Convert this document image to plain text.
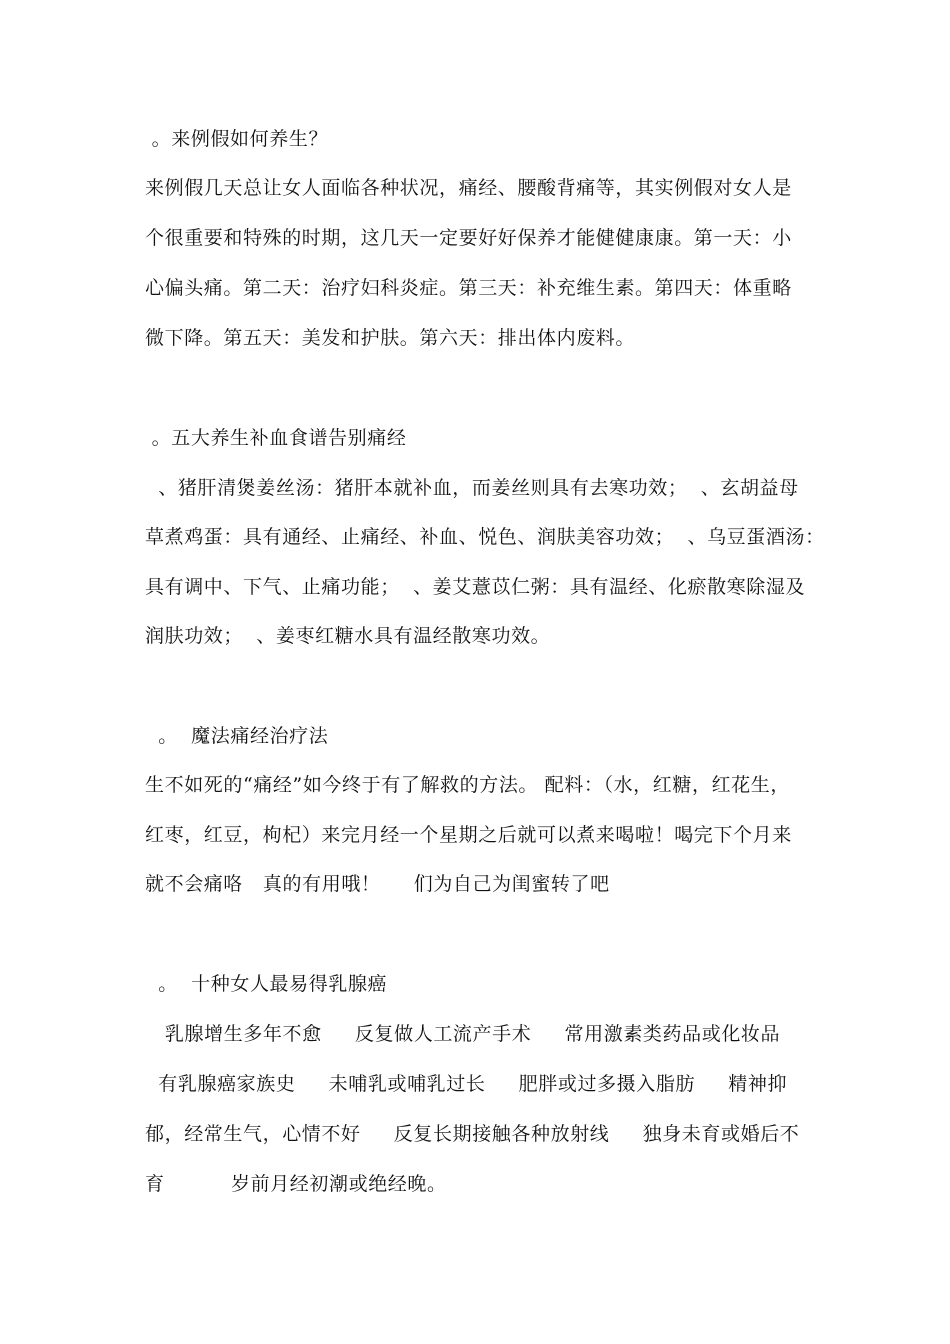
。来例假如何养生？
来例假几天总让女人面临各种状况，痛经、腰酸背痛等，其实例假对女人是
个很重要和特殊的时期，这几天一定要好好保养才能健健康康。第一天：小
心偏头痛。第二天：治疗妇科炎症。第三天：补充维生素。第四天：体重略
微下降。第五天：美发和护肤。第六天：排出体内废料。
。五大养生补血食谱告别痛经
、猪肝清煲姜丝汤：猪肝本就补血，而姜丝则具有去寒功效；  、玄胡益母
草煮鸡蛋：具有通经、止痛经、补血、悦色、润肤美容功效；  、乌豆蛋酒汤：
具有调中、下气、止痛功能；  、姜艾薏苡仁粥：具有温经、化瘀散寒除湿及
润肤功效；  、姜枣红糖水具有温经散寒功效。
。  魔法痛经治疗法
生不如死的“痛经”如今终于有了解救的方法。 配料：（水，红糖，红花生，
红枣，红豆，枸杞）来完月经一个星期之后就可以煮来喝啦！喝完下个月来
就不会痛咯   真的有用哦！     们为自己为闺蜜转了吧
。  十种女人最易得乳腺癌
乳腺增生多年不愈     反复做人工流产手术     常用激素类药品或化妆品
有乳腺癌家族史     未哺乳或哺乳过长     肥胖或过多摄入脂肪     精神抑
郁，经常生气，心情不好     反复长期接触各种放射线     独身未育或婚后不
育          岁前月经初潮或绝经晚。
